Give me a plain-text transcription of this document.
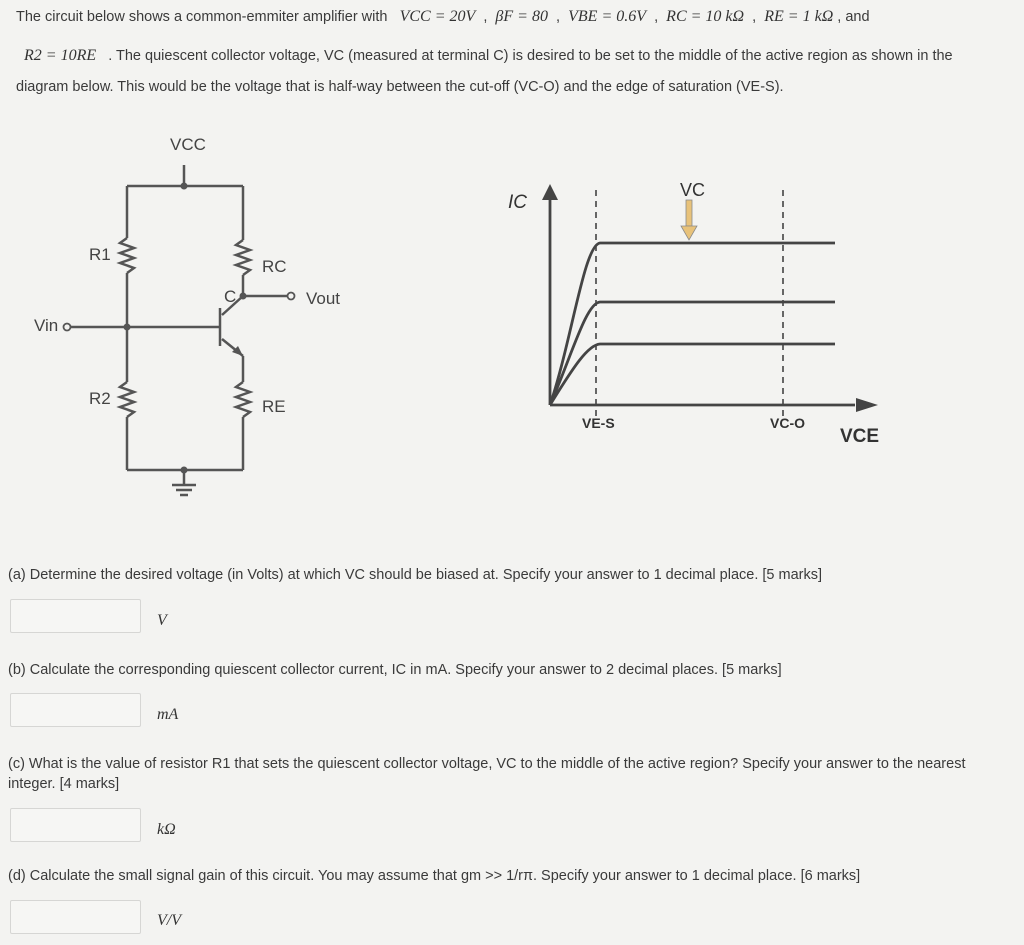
The circuit below shows a common-emmiter amplifier with VCC = 20V  ,  βF = 80  ,  VBE = 0.6V  ,  RC = 10 kΩ  ,  RE = 1 kΩ , and
R2 = 10RE . The quiescent collector voltage, VC (measured at terminal C) is desired to be set to the middle of the active region as shown in the
diagram below. This would be the voltage that is half-way between the cut-off (VC-O) and the edge of saturation (VE-S).
VCC
R1
R2
RC
RE
C	Vout
Vin
IC
VC
VE-S	VC-O
VCE
(a) Determine the desired voltage (in Volts) at which VC should be biased at. Specify your answer to 1 decimal place. [5 marks]
V
(b) Calculate the corresponding quiescent collector current, IC in mA. Specify your answer to 2 decimal places. [5 marks]
mA
(c) What is the value of resistor R1 that sets the quiescent collector voltage, VC to the middle of the active region? Specify your answer to the nearest
integer. [4 marks]
kΩ
(d) Calculate the small signal gain of this circuit. You may assume that gm >> 1/rπ. Specify your answer to 1 decimal place. [6 marks]
V/V
